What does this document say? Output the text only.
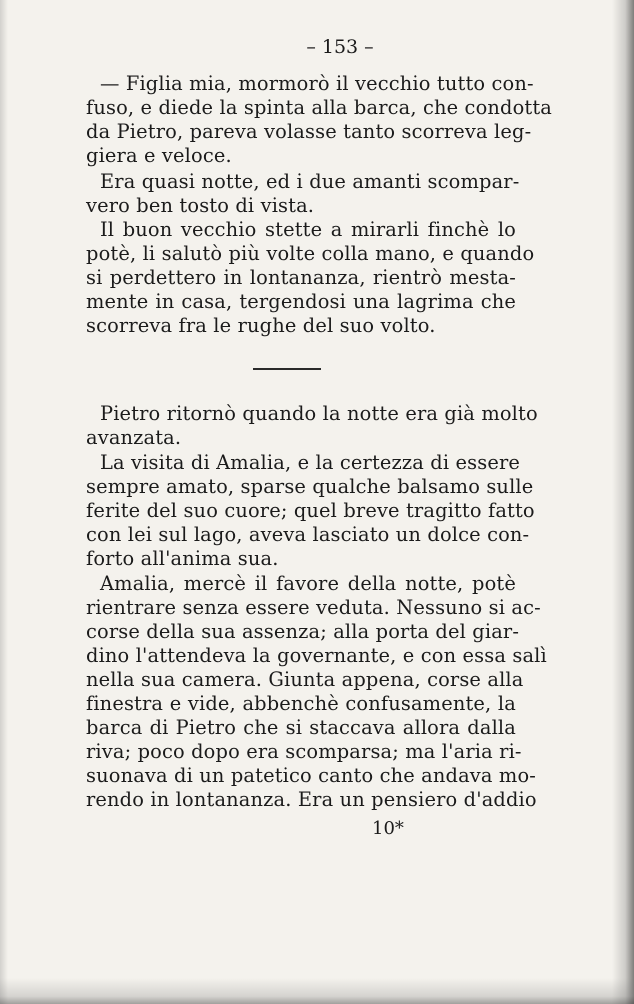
– 153 –
— Figlia mia, mormorò il vecchio tutto con-
fuso, e diede la spinta alla barca, che condotta
da Pietro, pareva volasse tanto scorreva leg-
giera e veloce.
Era quasi notte, ed i due amanti scompar-
vero ben tosto di vista.
Il buon vecchio stette a mirarli finchè lo
potè, li salutò più volte colla mano, e quando
si perdettero in lontananza, rientrò mesta-
mente in casa, tergendosi una lagrima che
scorreva fra le rughe del suo volto.
Pietro ritornò quando la notte era già molto
avanzata.
La visita di Amalia, e la certezza di essere
sempre amato, sparse qualche balsamo sulle
ferite del suo cuore; quel breve tragitto fatto
con lei sul lago, aveva lasciato un dolce con-
forto all'anima sua.
Amalia, mercè il favore della notte, potè
rientrare senza essere veduta. Nessuno si ac-
corse della sua assenza; alla porta del giar-
dino l'attendeva la governante, e con essa salì
nella sua camera. Giunta appena, corse alla
finestra e vide, abbenchè confusamente, la
barca di Pietro che si staccava allora dalla
riva; poco dopo era scomparsa; ma l'aria ri-
suonava di un patetico canto che andava mo-
rendo in lontananza. Era un pensiero d'addio
10*
